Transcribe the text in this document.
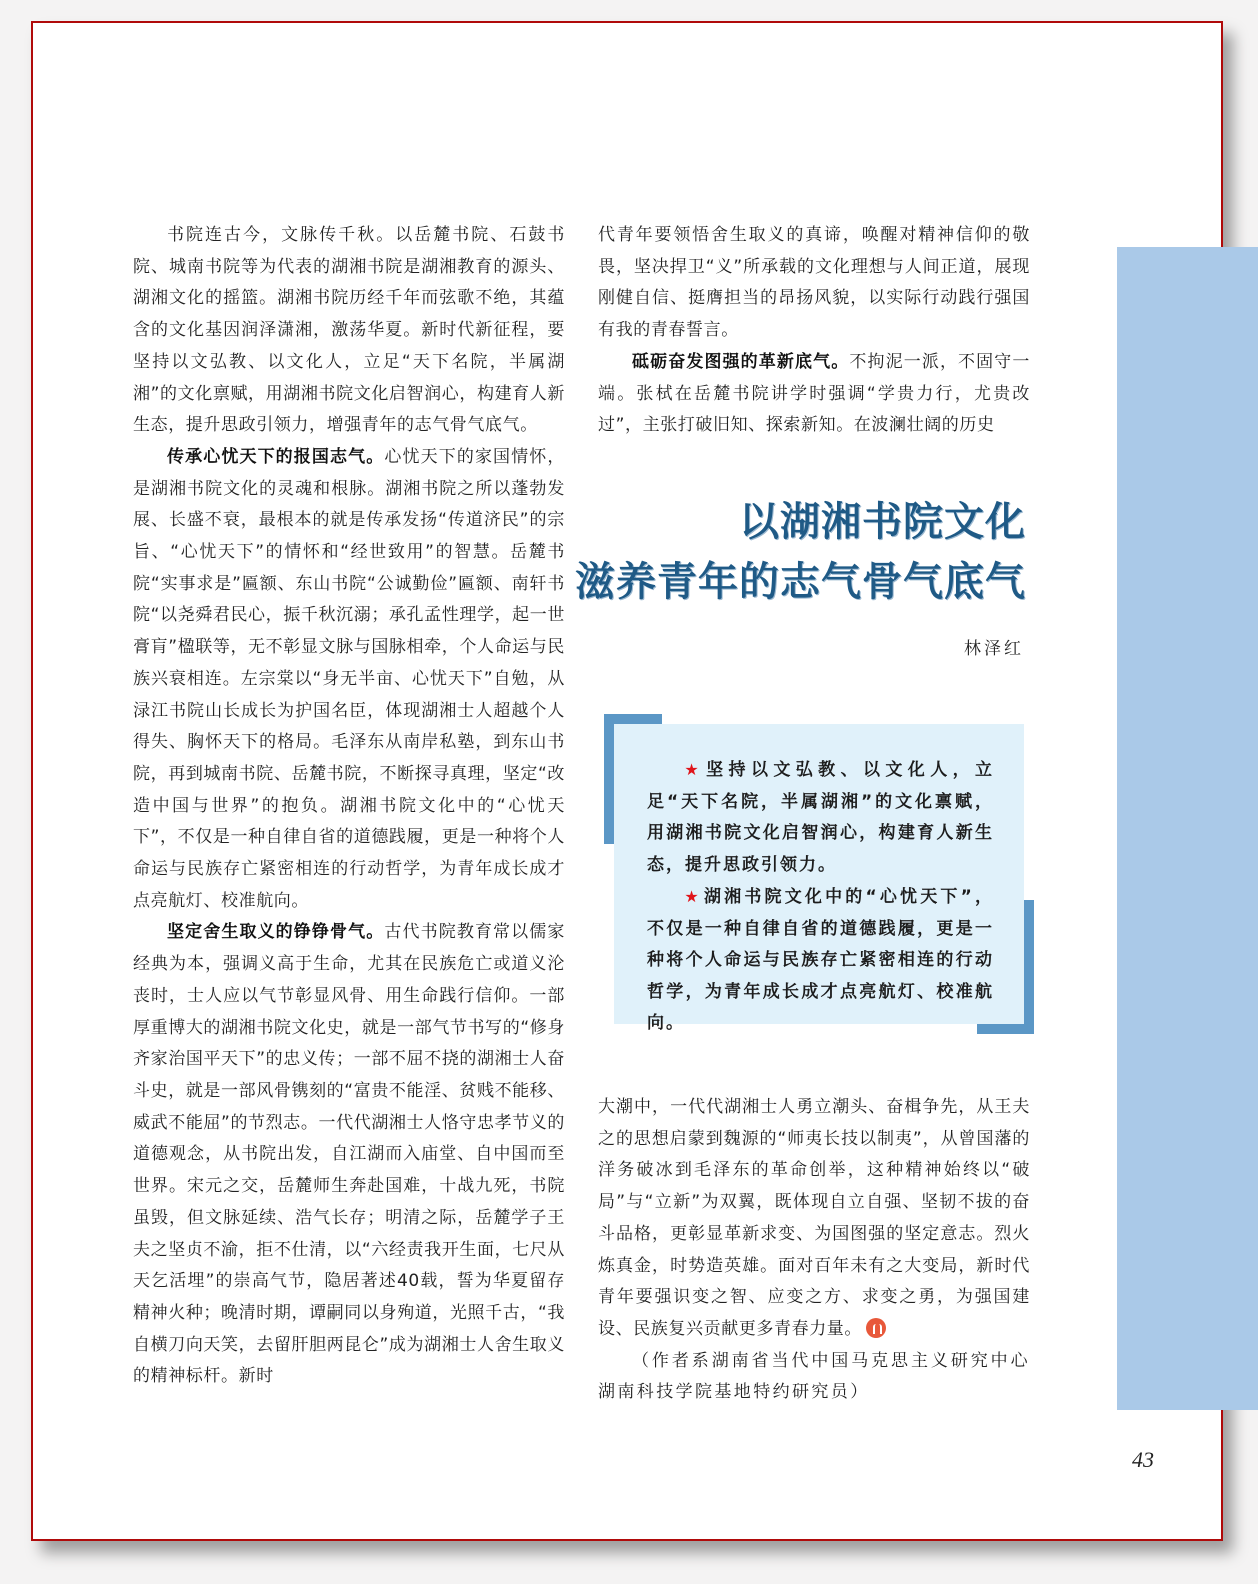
书院连古今，文脉传千秋。以岳麓书院、石鼓书院、城南书院等为代表的湖湘书院是湖湘教育的源头、湖湘文化的摇篮。湖湘书院历经千年而弦歌不绝，其蕴含的文化基因润泽潇湘，激荡华夏。新时代新征程，要坚持以文弘教、以文化人，立足“天下名院，半属湖湘”的文化禀赋，用湖湘书院文化启智润心，构建育人新生态，提升思政引领力，增强青年的志气骨气底气。

传承心忧天下的报国志气。心忧天下的家国情怀，是湖湘书院文化的灵魂和根脉。湖湘书院之所以蓬勃发展、长盛不衰，最根本的就是传承发扬“传道济民”的宗旨、“心忧天下”的情怀和“经世致用”的智慧。岳麓书院“实事求是”匾额、东山书院“公诚勤俭”匾额、南轩书院“以尧舜君民心，振千秋沉溺；承孔孟性理学，起一世膏肓”楹联等，无不彰显文脉与国脉相牵，个人命运与民族兴衰相连。左宗棠以“身无半亩、心忧天下”自勉，从渌江书院山长成长为护国名臣，体现湖湘士人超越个人得失、胸怀天下的格局。毛泽东从南岸私塾，到东山书院，再到城南书院、岳麓书院，不断探寻真理，坚定“改造中国与世界”的抱负。湖湘书院文化中的“心忧天下”，不仅是一种自律自省的道德践履，更是一种将个人命运与民族存亡紧密相连的行动哲学，为青年成长成才点亮航灯、校准航向。

坚定舍生取义的铮铮骨气。古代书院教育常以儒家经典为本，强调义高于生命，尤其在民族危亡或道义沦丧时，士人应以气节彰显风骨、用生命践行信仰。一部厚重博大的湖湘书院文化史，就是一部气节书写的“修身齐家治国平天下”的忠义传；一部不屈不挠的湖湘士人奋斗史，就是一部风骨镌刻的“富贵不能淫、贫贱不能移、威武不能屈”的节烈志。一代代湖湘士人恪守忠孝节义的道德观念，从书院出发，自江湖而入庙堂、自中国而至世界。宋元之交，岳麓师生奔赴国难，十战九死，书院虽毁，但文脉延续、浩气长存；明清之际，岳麓学子王夫之坚贞不渝，拒不仕清，以“六经责我开生面，七尺从天乞活埋”的崇高气节，隐居著述40载，誓为华夏留存精神火种；晚清时期，谭嗣同以身殉道，光照千古，“我自横刀向天笑，去留肝胆两昆仑”成为湖湘士人舍生取义的精神标杆。新时

代青年要领悟舍生取义的真谛，唤醒对精神信仰的敬畏，坚决捍卫“义”所承载的文化理想与人间正道，展现刚健自信、挺膺担当的昂扬风貌，以实际行动践行强国有我的青春誓言。

砥砺奋发图强的革新底气。不拘泥一派，不固守一端。张栻在岳麓书院讲学时强调“学贵力行，尤贵改过”，主张打破旧知、探索新知。在波澜壮阔的历史

以湖湘书院文化
滋养青年的志气骨气底气
林泽红

★ 坚持以文弘教、以文化人，立足“天下名院，半属湖湘”的文化禀赋，用湖湘书院文化启智润心，构建育人新生态，提升思政引领力。

★ 湖湘书院文化中的“心忧天下”，不仅是一种自律自省的道德践履，更是一种将个人命运与民族存亡紧密相连的行动哲学，为青年成长成才点亮航灯、校准航向。

大潮中，一代代湖湘士人勇立潮头、奋楫争先，从王夫之的思想启蒙到魏源的“师夷长技以制夷”，从曾国藩的洋务破冰到毛泽东的革命创举，这种精神始终以“破局”与“立新”为双翼，既体现自立自强、坚韧不拔的奋斗品格，更彰显革新求变、为国图强的坚定意志。烈火炼真金，时势造英雄。面对百年未有之大变局，新时代青年要强识变之智、应变之方、求变之勇，为强国建设、民族复兴贡献更多青春力量。

（作者系湖南省当代中国马克思主义研究中心湖南科技学院基地特约研究员）

43
